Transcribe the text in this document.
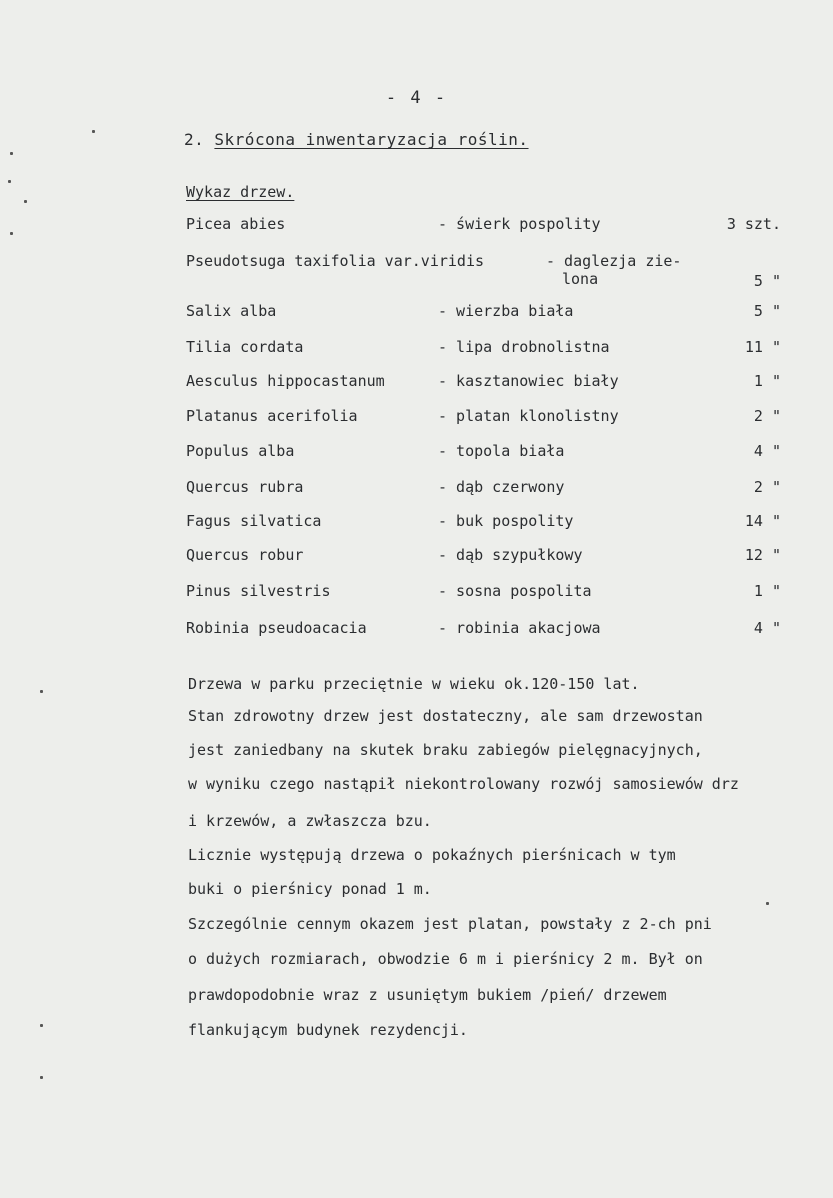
- 4 -
2. Skrócona inwentaryzacja roślin.
Wykaz drzew.
Picea abies	- świerk pospolity	3 szt.
Pseudotsuga taxifolia var.viridis	- daglezja zie-
lona	5 "
Salix alba	- wierzba biała	5 "
Tilia cordata	- lipa drobnolistna	11 "
Aesculus hippocastanum	- kasztanowiec biały	1 "
Platanus acerifolia	- platan klonolistny	2 "
Populus alba	- topola biała	4 "
Quercus rubra	- dąb czerwony	2 "
Fagus silvatica	- buk pospolity	14 "
Quercus robur	- dąb szypułkowy	12 "
Pinus silvestris	- sosna pospolita	1 "
Robinia pseudoacacia	- robinia akacjowa	4 "
Drzewa w parku przeciętnie w wieku ok.120-150 lat.
Stan zdrowotny drzew jest dostateczny, ale sam drzewostan
jest zaniedbany na skutek braku zabiegów pielęgnacyjnych,
w wyniku czego nastąpił niekontrolowany rozwój samosiewów drz
i krzewów, a zwłaszcza bzu.
Licznie występują drzewa o pokaźnych pierśnicach w tym
buki o pierśnicy ponad 1 m.
Szczególnie cennym okazem jest platan, powstały z 2-ch pni
o dużych rozmiarach, obwodzie 6 m i pierśnicy 2 m. Był on
prawdopodobnie wraz z usuniętym bukiem /pień/ drzewem
flankującym budynek rezydencji.
